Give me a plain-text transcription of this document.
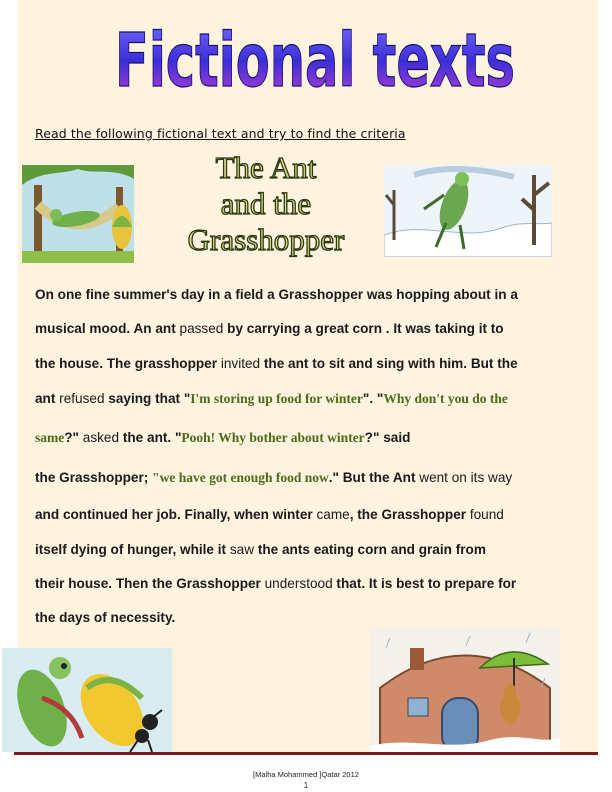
Fictional texts
Read the following fictional text and try to find the criteria
The Ant
and the
Grasshopper
On one fine summer's day in a field a Grasshopper was hopping about in a
musical mood. An ant passed by carrying a great corn . It was taking it to
the house. The grasshopper invited the ant to sit and sing with him. But the
ant refused saying that "I'm storing up food for winter". "Why don't you do the
same?" asked the ant. "Pooh! Why bother about winter?" said
the Grasshopper; "we have got enough food now." But the Ant went on its way
and continued her job. Finally, when winter came, the Grasshopper found
itself dying of hunger, while it saw the ants eating corn and grain from
their house. Then the Grasshopper understood that. It is best to prepare for
the days of necessity.
[Malha Mohammed ]Qatar 2012
1
